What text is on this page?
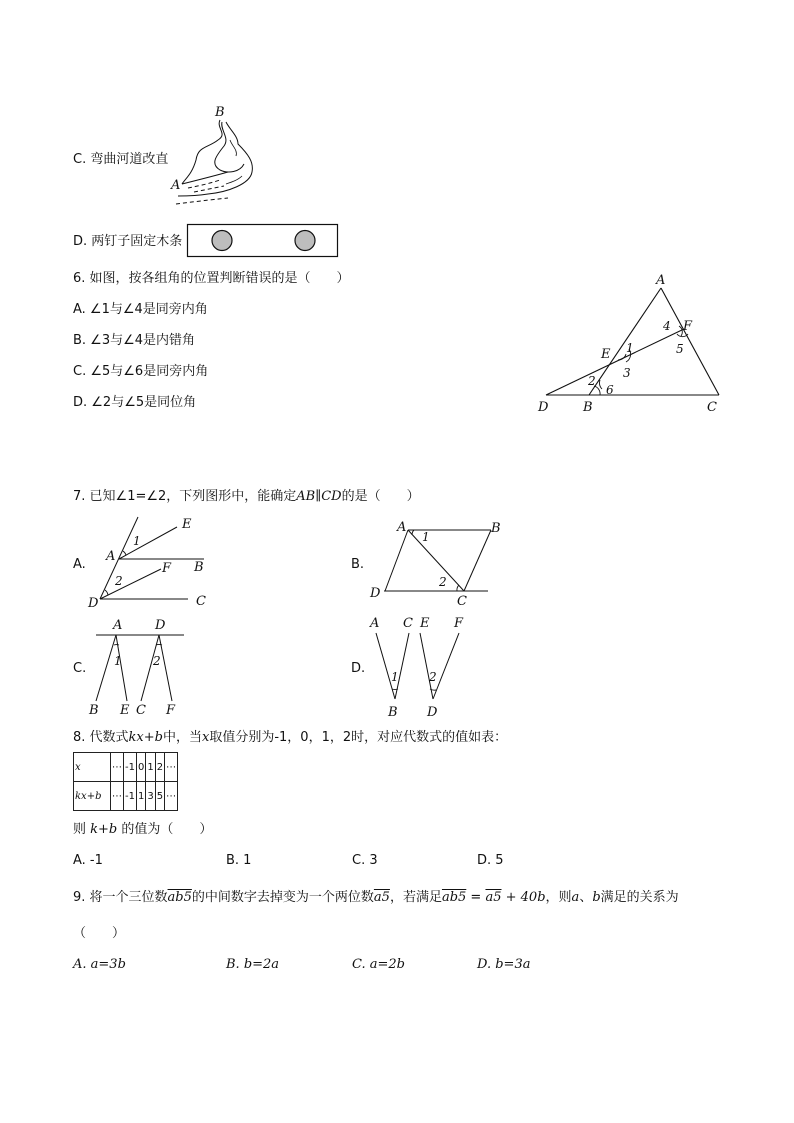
C. 弯曲河道改直
B
A
D. 两钉子固定木条
6. 如图，按各组角的位置判断错误的是（　　）
A. ∠1与∠4是同旁内角
B. ∠3与∠4是内错角
C. ∠5与∠6是同旁内角
D. ∠2与∠5是同位角
A
F
E
D	B	C
4
5
1
3
2
6
7. 已知∠1=∠2，下列图形中，能确定AB∥CD的是（　　）
A.
E
A
B
F
D	C
1
2
B.
A	B
D
C
1
2
C.
A	D
B E C F
1	2	D.
A C E F
B D
1	2
8. 代数式kx+b中，当x取值分别为-1，0，1，2时，对应代数式的值如表：
x	⋯	-1	0	1	2	⋯
kx+b	⋯	-1	1	3	5	⋯
则 k+b 的值为（　　）
A. -1	B. 1	C. 3	D. 5
9. 将一个三位数ab5的中间数字去掉变为一个两位数a5，若满足ab5 = a5 + 40b，则a、b满足的关系为
（　　）
A. a=3b	B. b=2a	C. a=2b	D. b=3a
